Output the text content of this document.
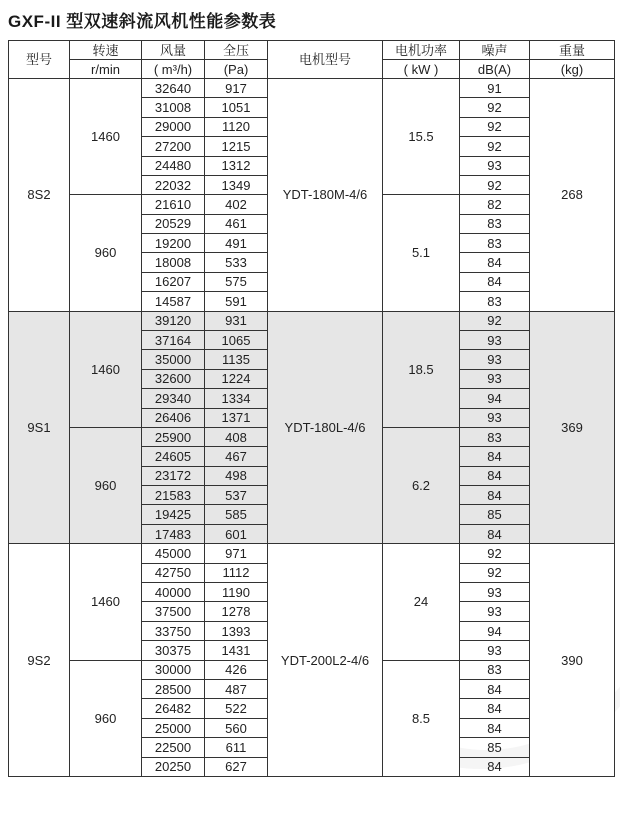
GXF-II 型双速斜流风机性能参数表
型号	转速	风量	全压	电机型号	电机功率	噪声	重量
	r/min	( m³/h)	(Pa)		( kW )	dB(A)	(kg)
8S2	1460	32640	917	YDT-180M-4/6	15.5	91	268
		31008	1051			92	
		29000	1120			92	
		27200	1215			92	
		24480	1312			93	
		22032	1349			92	
	960	21610	402		5.1	82	
		20529	461			83	
		19200	491			83	
		18008	533			84	
		16207	575			84	
		14587	591			83	
9S1	1460	39120	931	YDT-180L-4/6	18.5	92	369
		37164	1065			93	
		35000	1135			93	
		32600	1224			93	
		29340	1334			94	
		26406	1371			93	
	960	25900	408		6.2	83	
		24605	467			84	
		23172	498			84	
		21583	537			84	
		19425	585			85	
		17483	601			84	
9S2	1460	45000	971	YDT-200L2-4/6	24	92	390
		42750	1112			92	
		40000	1190			93	
		37500	1278			93	
		33750	1393			94	
		30375	1431			93	
	960	30000	426		8.5	83	
		28500	487			84	
		26482	522			84	
		25000	560			84	
		22500	611			85	
		20250	627			84	
